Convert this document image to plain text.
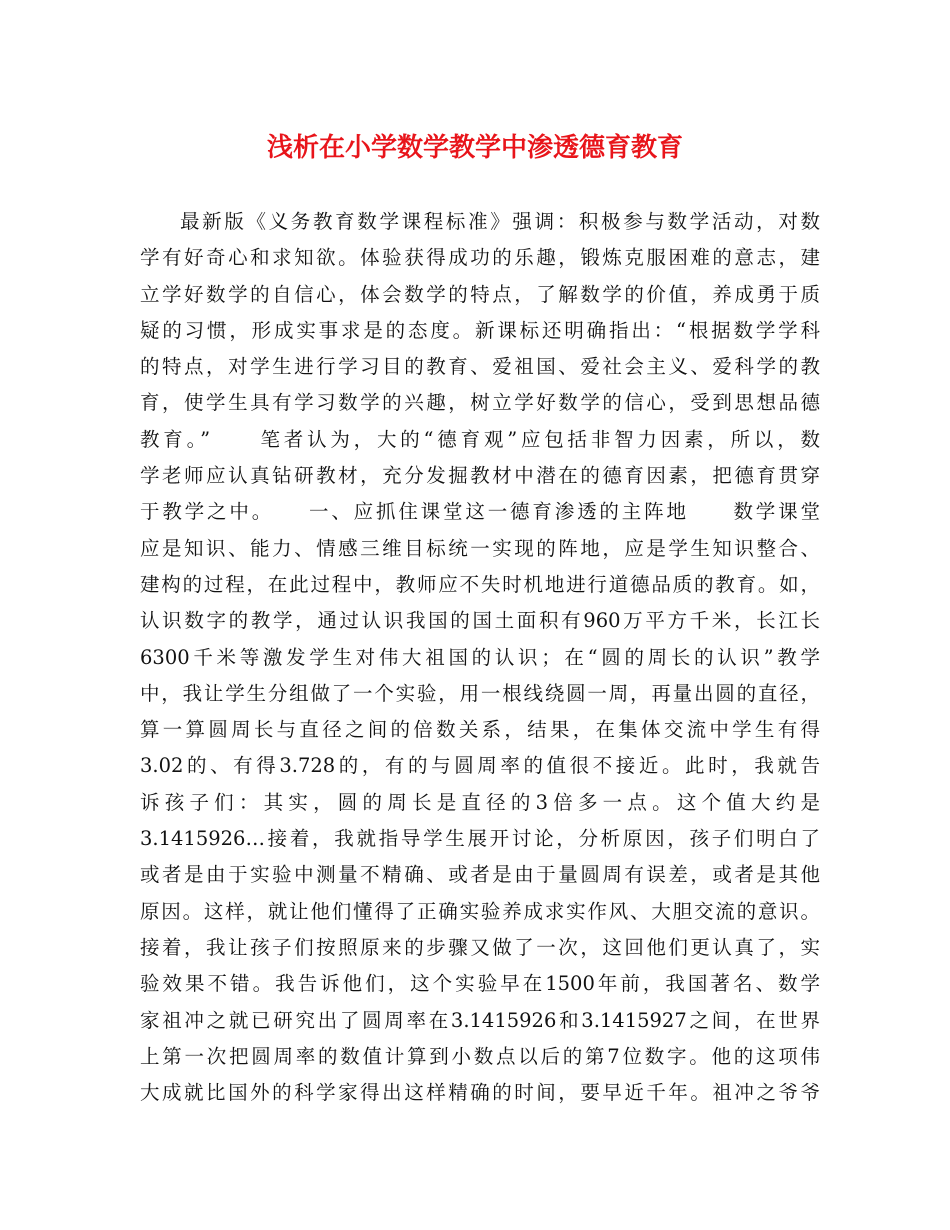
浅析在小学数学教学中渗透德育教育
最新版《义务教育数学课程标准》强调：积极参与数学活动，对数
学有好奇心和求知欲。体验获得成功的乐趣，锻炼克服困难的意志，建
立学好数学的自信心，体会数学的特点，了解数学的价值，养成勇于质
疑的习惯，形成实事求是的态度。新课标还明确指出：“根据数学学科
的特点，对学生进行学习目的教育、爱祖国、爱社会主义、爱科学的教
育，使学生具有学习数学的兴趣，树立学好数学的信心，受到思想品德
教育。”　　笔者认为，大的“德育观”应包括非智力因素，所以，数
学老师应认真钻研教材，充分发掘教材中潜在的德育因素，把德育贯穿
于教学之中。　　一、应抓住课堂这一德育渗透的主阵地　　数学课堂
应是知识、能力、情感三维目标统一实现的阵地，应是学生知识整合、
建构的过程，在此过程中，教师应不失时机地进行道德品质的教育。如，
认识数字的教学，通过认识我国的国土面积有960万平方千米，长江长
6300千米等激发学生对伟大祖国的认识；在“圆的周长的认识”教学
中，我让学生分组做了一个实验，用一根线绕圆一周，再量出圆的直径，
算一算圆周长与直径之间的倍数关系，结果，在集体交流中学生有得
3.02的、有得3.728的，有的与圆周率的值很不接近。此时，我就告
诉孩子们：其实，圆的周长是直径的3倍多一点。这个值大约是
3.1415926…接着，我就指导学生展开讨论，分析原因，孩子们明白了
或者是由于实验中测量不精确、或者是由于量圆周有误差，或者是其他
原因。这样，就让他们懂得了正确实验养成求实作风、大胆交流的意识。
接着，我让孩子们按照原来的步骤又做了一次，这回他们更认真了，实
验效果不错。我告诉他们，这个实验早在1500年前，我国著名、数学
家祖冲之就已研究出了圆周率在3.1415926和3.1415927之间，在世界
上第一次把圆周率的数值计算到小数点以后的第7位数字。他的这项伟
大成就比国外的科学家得出这样精确的时间，要早近千年。祖冲之爷爷
